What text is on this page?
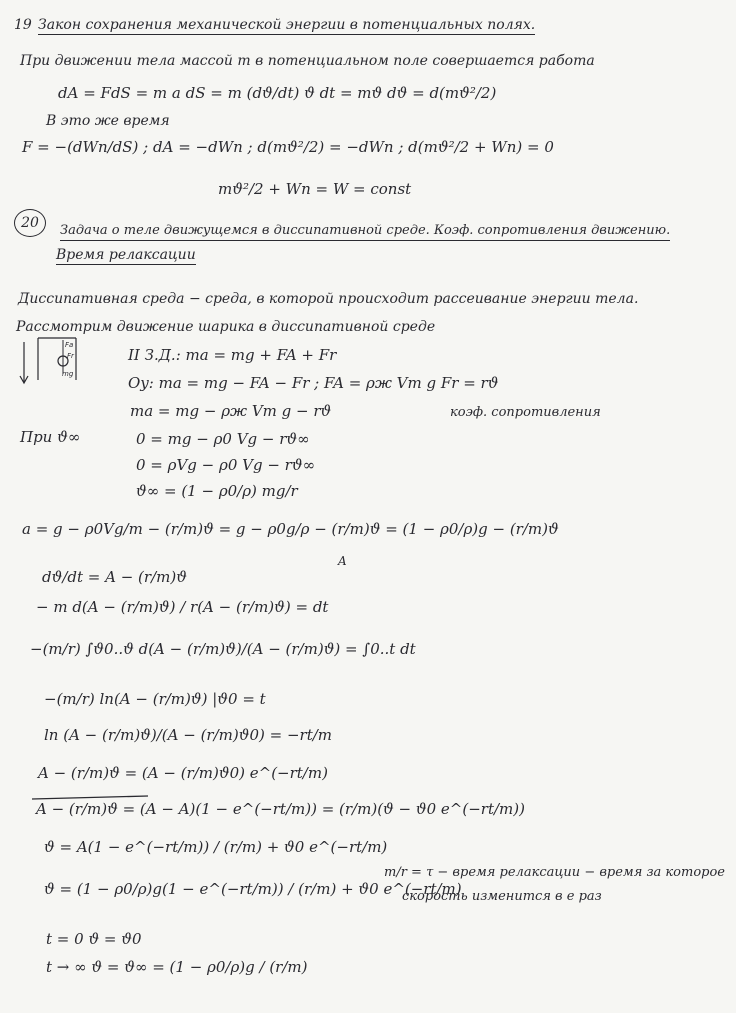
19 Закон сохранения механической энергии в потенциальных полях.
При движении тела массой m в потенциальном поле совершается работа
dA = FdS = m a dS = m (dϑ/dt) ϑ dt = mϑ dϑ = d(mϑ²/2)
В это же время
F = −(dWп/dS) ; dA = −dWп ; d(mϑ²/2) = −dWп ; d(mϑ²/2 + Wп) = 0
mϑ²/2 + Wп = W = const
20	Задача о теле движущемся в диссипативной среде. Коэф. сопротивления движению.
Время релаксации
Диссипативная среда − среда, в которой происходит рассеивание энергии тела.
Рассмотрим движение шарика в диссипативной среде
Fa
Fr
mg
II З.Д.: ma = mg + FA + Fr
Oy: ma = mg − FA − Fr ; FA = ρж Vт g Fr = rϑ
коэф. сопротивления
ma = mg − ρж Vт g − rϑ
При ϑ∞	0 = mg − ρ0 Vg − rϑ∞
0 = ρVg − ρ0 Vg − rϑ∞
ϑ∞ = (1 − ρ0/ρ) mg/r
a = g − ρ0Vg/m − (r/m)ϑ = g − ρ0g/ρ − (r/m)ϑ = (1 − ρ0/ρ)g − (r/m)ϑ
A
dϑ/dt = A − (r/m)ϑ
− m d(A − (r/m)ϑ) / r(A − (r/m)ϑ) = dt
−(m/r) ∫ϑ0..ϑ d(A − (r/m)ϑ)/(A − (r/m)ϑ) = ∫0..t dt
−(m/r) ln(A − (r/m)ϑ) |ϑ0 = t
ln (A − (r/m)ϑ)/(A − (r/m)ϑ0) = −rt/m
A − (r/m)ϑ = (A − (r/m)ϑ0) e^(−rt/m)
A − (r/m)ϑ = (A − A)(1 − e^(−rt/m)) = (r/m)(ϑ − ϑ0 e^(−rt/m))
ϑ = A(1 − e^(−rt/m)) / (r/m) + ϑ0 e^(−rt/m)
ϑ = (1 − ρ0/ρ)g(1 − e^(−rt/m)) / (r/m) + ϑ0 e^(−rt/m)
t = 0 ϑ = ϑ0
t → ∞ ϑ = ϑ∞ = (1 − ρ0/ρ)g / (r/m)
m/r = τ − время релаксации − время за которое
скорость изменится в e раз
